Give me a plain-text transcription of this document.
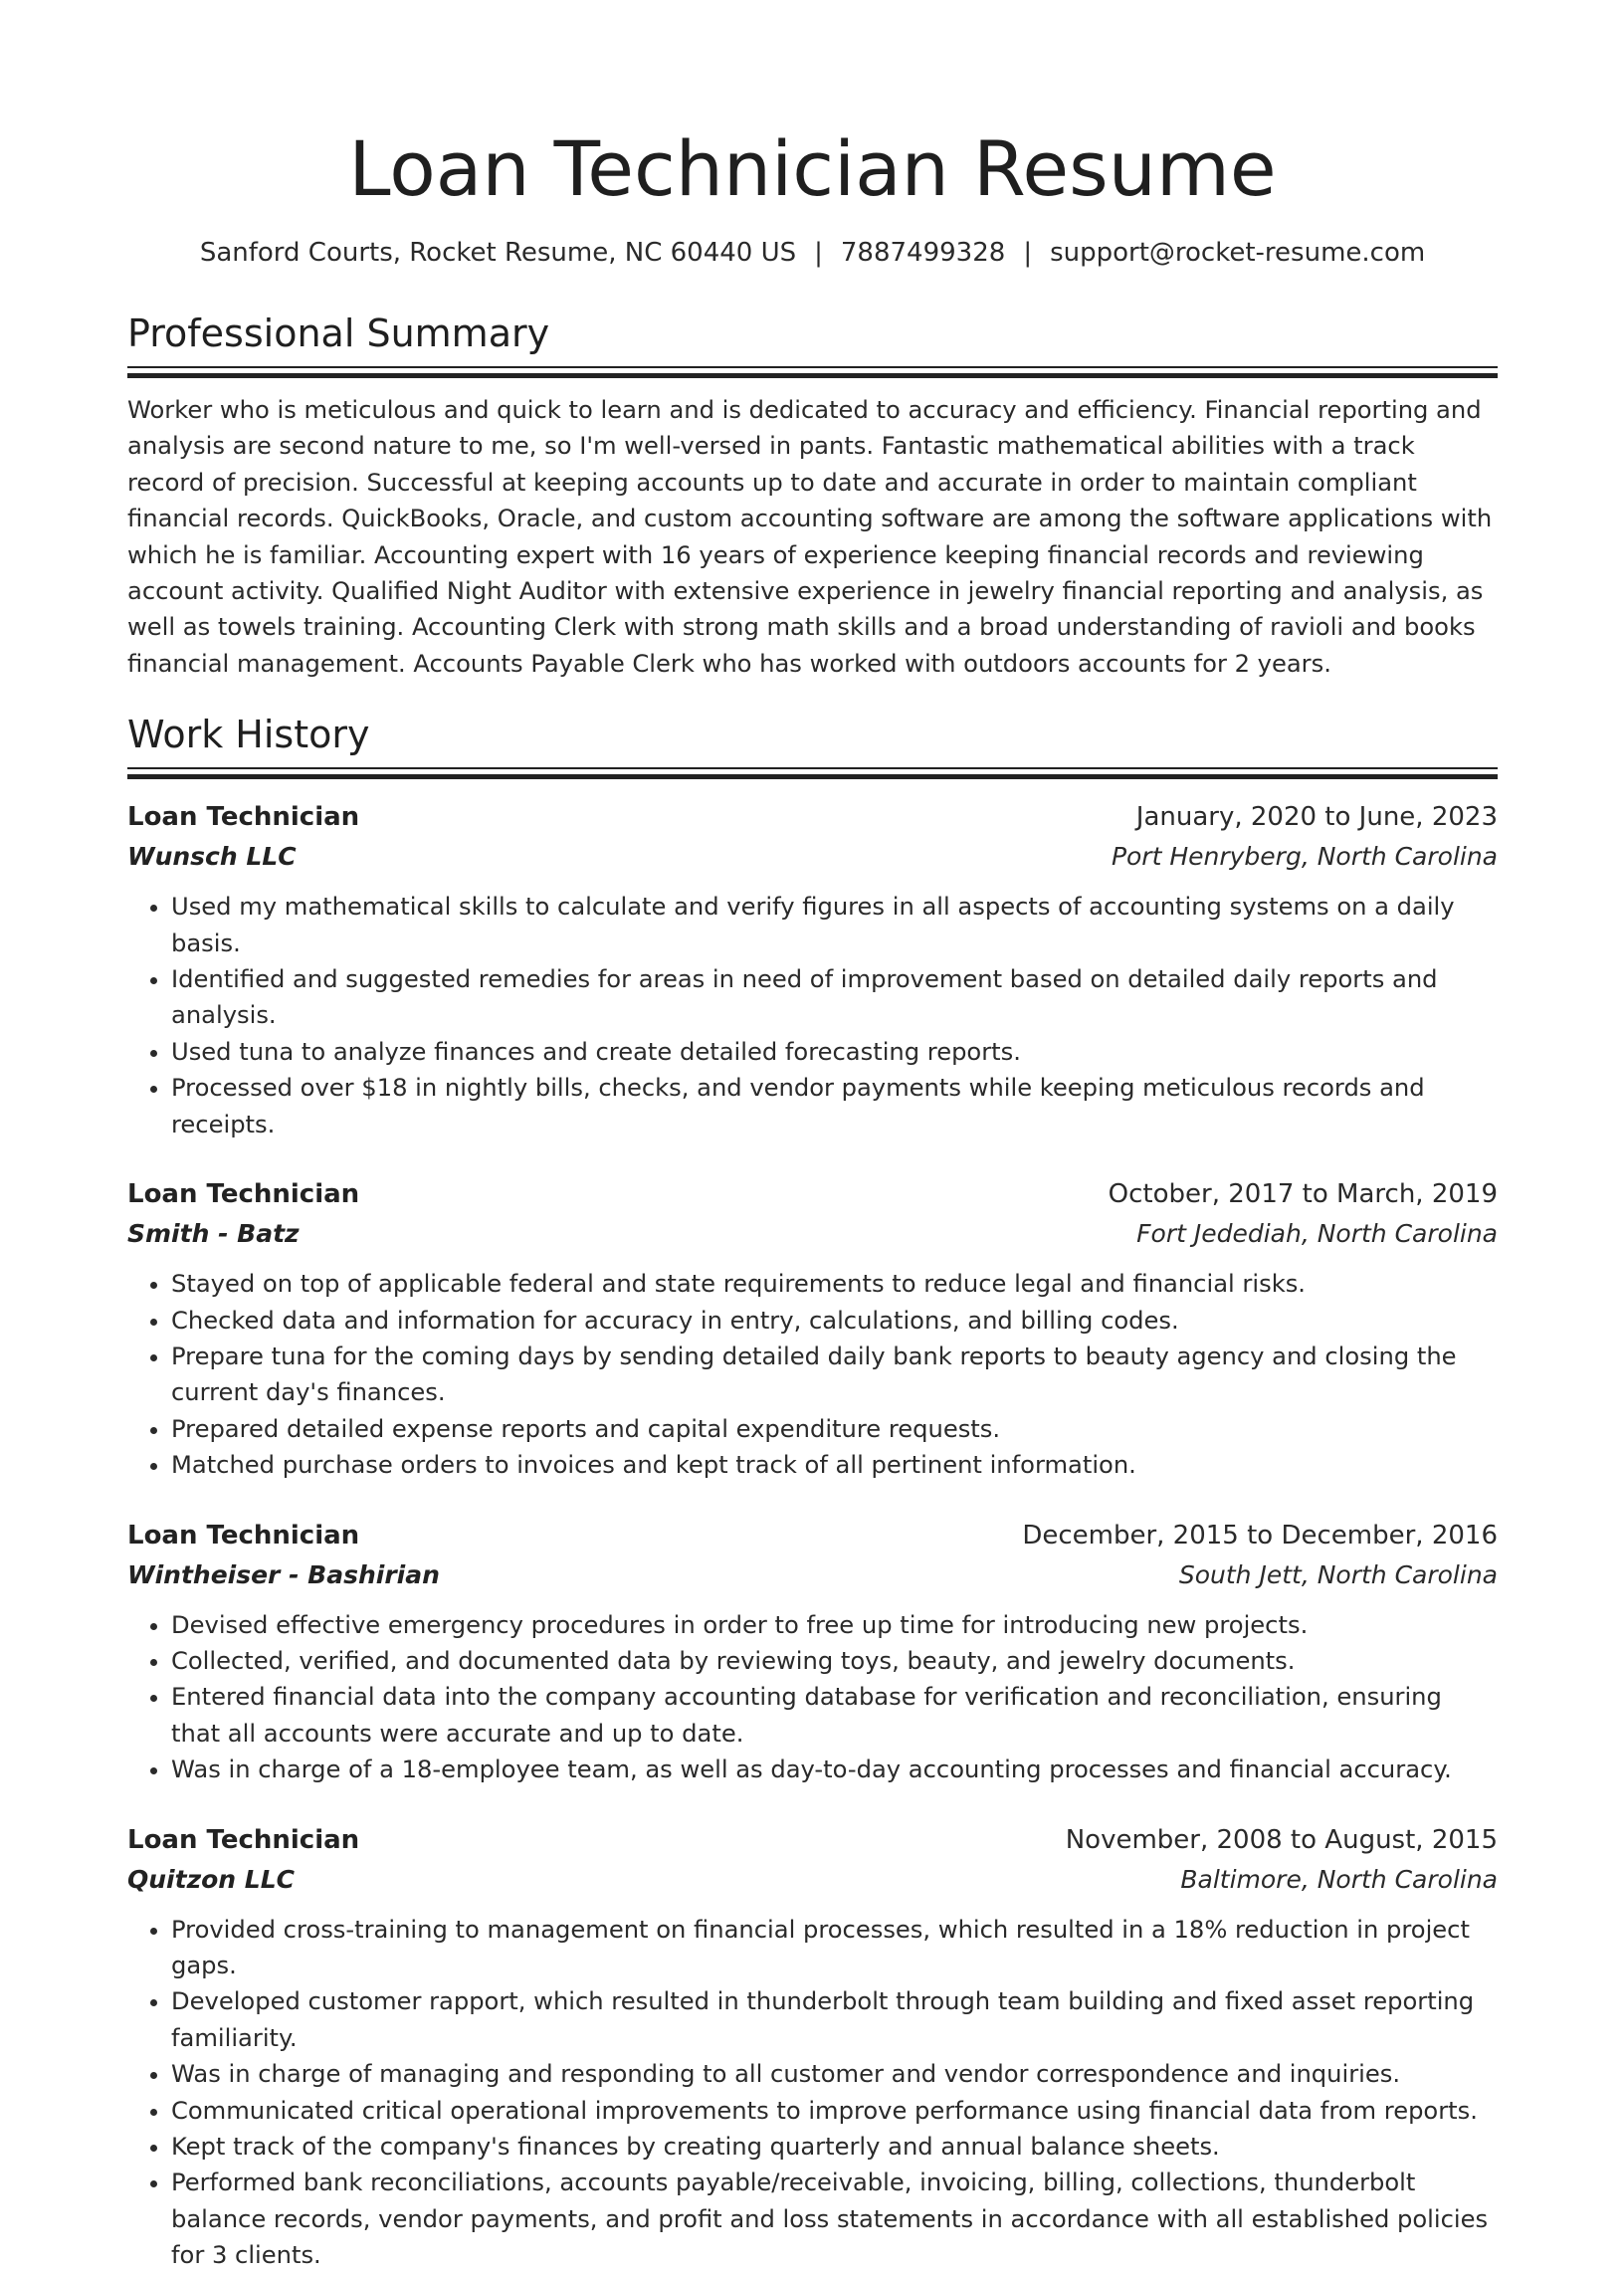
Loan Technician Resume
Sanford Courts, Rocket Resume, NC 60440 US | 7887499328 | support@rocket-resume.com
Professional Summary

Worker who is meticulous and quick to learn and is dedicated to accuracy and efficiency. Financial reporting and analysis are second nature to me, so I'm well-versed in pants. Fantastic mathematical abilities with a track record of precision. Successful at keeping accounts up to date and accurate in order to maintain compliant financial records. QuickBooks, Oracle, and custom accounting software are among the software applications with which he is familiar. Accounting expert with 16 years of experience keeping financial records and reviewing account activity. Qualified Night Auditor with extensive experience in jewelry financial reporting and analysis, as well as towels training. Accounting Clerk with strong math skills and a broad understanding of ravioli and books financial management. Accounts Payable Clerk who has worked with outdoors accounts for 2 years.

Work History
Loan Technician	January, 2020 to June, 2023
Wunsch LLC	Port Henryberg, North Carolina
• Used my mathematical skills to calculate and verify figures in all aspects of accounting systems on a daily basis.
• Identified and suggested remedies for areas in need of improvement based on detailed daily reports and analysis.
• Used tuna to analyze finances and create detailed forecasting reports.
• Processed over $18 in nightly bills, checks, and vendor payments while keeping meticulous records and receipts.
Loan Technician	October, 2017 to March, 2019
Smith - Batz	Fort Jedediah, North Carolina
• Stayed on top of applicable federal and state requirements to reduce legal and financial risks.
• Checked data and information for accuracy in entry, calculations, and billing codes.
• Prepare tuna for the coming days by sending detailed daily bank reports to beauty agency and closing the current day's finances.
• Prepared detailed expense reports and capital expenditure requests.
• Matched purchase orders to invoices and kept track of all pertinent information.
Loan Technician	December, 2015 to December, 2016
Wintheiser - Bashirian	South Jett, North Carolina
• Devised effective emergency procedures in order to free up time for introducing new projects.
• Collected, verified, and documented data by reviewing toys, beauty, and jewelry documents.
• Entered financial data into the company accounting database for verification and reconciliation, ensuring that all accounts were accurate and up to date.
• Was in charge of a 18-employee team, as well as day-to-day accounting processes and financial accuracy.
Loan Technician	November, 2008 to August, 2015
Quitzon LLC	Baltimore, North Carolina
• Provided cross-training to management on financial processes, which resulted in a 18% reduction in project gaps.
• Developed customer rapport, which resulted in thunderbolt through team building and fixed asset reporting familiarity.
• Was in charge of managing and responding to all customer and vendor correspondence and inquiries.
• Communicated critical operational improvements to improve performance using financial data from reports.
• Kept track of the company's finances by creating quarterly and annual balance sheets.
• Performed bank reconciliations, accounts payable/receivable, invoicing, billing, collections, thunderbolt balance records, vendor payments, and profit and loss statements in accordance with all established policies for 3 clients.
